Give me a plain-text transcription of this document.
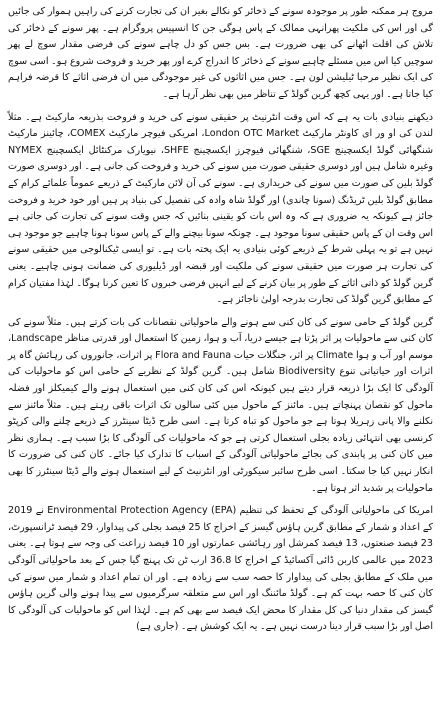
مروج ہر ممکنہ طور پر موجودہ سونے کے ذخائر کو نکالے بغیر ان کی تجارت کرنے کی راہیں ہموار کی جائیں گی اور اس کی ملکیت پھرانہی ممالک کے پاس ہوگی جن کا انسپیس پروگرام ہے۔ پھر سونے کے ذخائر کی تلاش کی اقلت اٹھانے کی بھی ضرورت ہے۔ بس جس کو دل چاہے سونے کی فرضی مقدار سوچ لے پھر سوچیں کیا اس میں مسئلے چاہیے سونے کے ذخائر کا اندراج کرے اور پھر خرید و فروخت شروع ہو۔ اسی سوچ کی ایک نظیر مرحبا ٹیلیشن لون ہے۔ جس میں اثاثوں کی غیر موجودگی میں ان فرضی اثاثے کا قرضہ فراہم کیا جاتا ہے۔ اور یہی کچھ گرین گولڈ کے تناظر میں بھی نظر آرہا ہے۔

دیکھنے بنیادی بات یہ ہے کہ اس وقت انٹرنیٹ پر حقیقی سونے کی خرید و فروخت بذریعہ مارکیٹ ہے۔ مثلاً لندن کی او ور ای کاونٹر مارکیٹ London OTC Market، امریکی فیوچر مارکیٹ COMEX، چائینز مارکیٹ شنگھائی گولڈ ایکسچینج SGE، شنگھائی فیوچرز ایکسچینج SHFE، نیویارک مرکنٹائل ایکسچینج NYMEX وغیرہ شامل ہیں اور دوسری حقیقی صورت میں سونے کی خرید و فروخت کی جانی ہے۔ اور دوسری صورت گولڈ بلین کی صورت میں سونے کی خریداری ہے۔ سونے کی آن لائن مارکیٹ کے ذریعے عموماً علمائے کرام کے مطابق گولڈ بلین ٹریڈنگ (سونا چاندی) اور گولڈ شاہ وادہ کی تفصیل کی بنیاد پر ہیں اور خود خرید و فروخت جائز ہے کیونکہ یہ ضروری ہے کہ وہ اس بات کو یقینی بنائیں کہ جس وقت سونے کی تجارت کی جاتی ہے اس وقت ان کے پاس حقیقی سونا موجود ہے۔ چونکہ سونا بیچنے والے کے پاس سونا ہونا چاہیے جو موجود ہی نہیں ہے تو یہ پہلی شرط کے ذریعے کوئی بنیادی یہ ایک پختہ بات ہے۔ تو ایسی ٹیکنالوجی میں حقیقی سونے کی تجارت ہر صورت میں حقیقی سونے کی ملکیت اور قبضہ اور ڈیلیوری کی ضمانت ہونی چاہیے۔ یعنی گرین گولڈ کو ذاتی اثاثے کے طور پر بیان کرنے کے لیے انہیں فرضی خبروں کا تعین کرنا ہوگا۔ لہٰذا مفتیان کرام کے مطابق گرین گولڈ کی تجارت بدرجہ اولیٰ ناجائز ہے۔

گرین گولڈ کے حامی سونے کی کان کنی سے ہونے والے ماحولیاتی نقصانات کی بات کرتے ہیں۔ مثلاً سونے کی کان کنی سے ماحولیات پر اثر پڑتا ہے جیسے دریا، آب و ہوا، زمین کا استعمال اور قدرتی مناظر Landscape، موسم اور آب و ہوا Climate پر اثر، جنگلات حیات Flora and Fauna پر اثرات، جانوروں کی رہائش گاہ پر اثرات اور حیاتیاتی تنوع Biodiversity شامل ہیں۔ گرین گولڈ کے نظریے کے حامی اس کو ماحولیات کی آلودگی کا ایک بڑا ذریعہ قرار دیتے ہیں کیونکہ اس کی کان کنی میں استعمال ہونے والے کیمیکلز اور فضلہ ماحول کو نقصان پہنچاتے ہیں۔ مائنز کے ماحول میں کئی سالوں تک اثرات باقی رہتے ہیں۔ مثلاً مائنز سے نکلنے والا پانی زہریلا ہوتا ہے جو ماحول کو تباہ کرتا ہے۔ اسی طرح ڈیٹا سینٹرز کے ذریعے چلنے والی کرپٹو کرنسی بھی انتہائی زیادہ بجلی استعمال کرتی ہے جو کہ ماحولیات کی آلودگی کا بڑا سبب ہے۔ ہماری نظر میں کان کنی پر پابندی کی بجائے ماحولیاتی آلودگی کے اسباب کا تدارک کیا جائے۔ کان کنی کی ضرورت کا انکار نہیں کیا جا سکتا۔ اسی طرح سائبر سیکورٹی اور انٹرنیٹ کے لیے استعمال ہونے والے ڈیٹا سینٹرز کا بھی ماحولیات پر شدید اثر ہوتا ہے۔

امریکا کی ماحولیاتی آلودگی کے تحفظ کی تنظیم Environmental Protection Agency (EPA) نے 2019 کے اعداد و شمار کے مطابق گرین ہاؤس گیسز کے اخراج کا 25 فیصد بجلی کی پیداوار، 29 فیصد ٹرانسپورٹ، 23 فیصد صنعتوں، 13 فیصد کمرشل اور رہائشی عمارتوں اور 10 فیصد زراعت کی وجہ سے ہوتا ہے۔ یعنی 2023 میں عالمی کاربن ڈائی آکسائیڈ کے اخراج کا 36.8 ارب ٹن تک پہنچ گیا جس کے بعد ماحولیاتی آلودگی میں ملک کے مطابق بجلی کی پیداوار کا حصہ سب سے زیادہ ہے۔ اور ان تمام اعداد و شمار میں سونے کی کان کنی کا حصہ بہت کم ہے۔ گولڈ مائننگ اور اس سے متعلقہ سرگرمیوں سے پیدا ہونے والی گرین ہاؤس گیسز کی مقدار دنیا کی کل مقدار کا محض ایک فیصد سے بھی کم ہے۔ لہٰذا اس کو ماحولیات کی آلودگی کا اصل اور بڑا سبب قرار دینا درست نہیں ہے۔ یہ ایک کوشش ہے۔ (جاری ہے)
